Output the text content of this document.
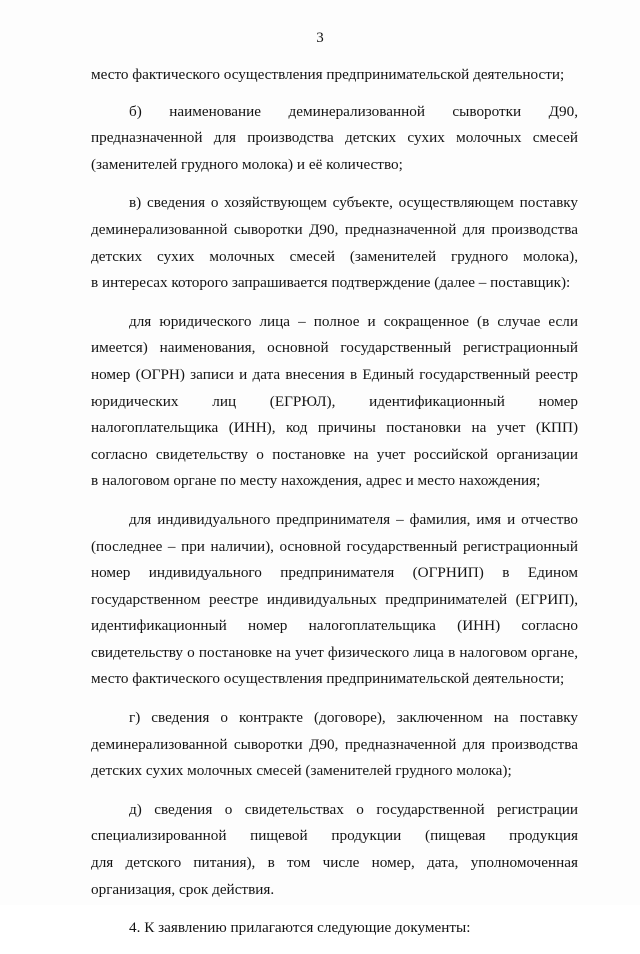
3
место фактического осуществления предпринимательской деятельности;
б) наименование деминерализованной сыворотки Д90,
предназначенной для производства детских сухих молочных смесей
(заменителей грудного молока) и её количество;
в) сведения о хозяйствующем субъекте, осуществляющем поставку
деминерализованной сыворотки Д90, предназначенной для производства
детских сухих молочных смесей (заменителей грудного молока),
в интересах которого запрашивается подтверждение (далее – поставщик):
для юридического лица – полное и сокращенное (в случае если
имеется) наименования, основной государственный регистрационный
номер (ОГРН) записи и дата внесения в Единый государственный реестр
юридических лиц (ЕГРЮЛ), идентификационный номер
налогоплательщика (ИНН), код причины постановки на учет (КПП)
согласно свидетельству о постановке на учет российской организации
в налоговом органе по месту нахождения, адрес и место нахождения;
для индивидуального предпринимателя – фамилия, имя и отчество
(последнее – при наличии), основной государственный регистрационный
номер индивидуального предпринимателя (ОГРНИП) в Едином
государственном реестре индивидуальных предпринимателей (ЕГРИП),
идентификационный номер налогоплательщика (ИНН) согласно
свидетельству о постановке на учет физического лица в налоговом органе,
место фактического осуществления предпринимательской деятельности;
г) сведения о контракте (договоре), заключенном на поставку
деминерализованной сыворотки Д90, предназначенной для производства
детских сухих молочных смесей (заменителей грудного молока);
д) сведения о свидетельствах о государственной регистрации
специализированной пищевой продукции (пищевая продукция
для детского питания), в том числе номер, дата, уполномоченная
организация, срок действия.
4. К заявлению прилагаются следующие документы:
